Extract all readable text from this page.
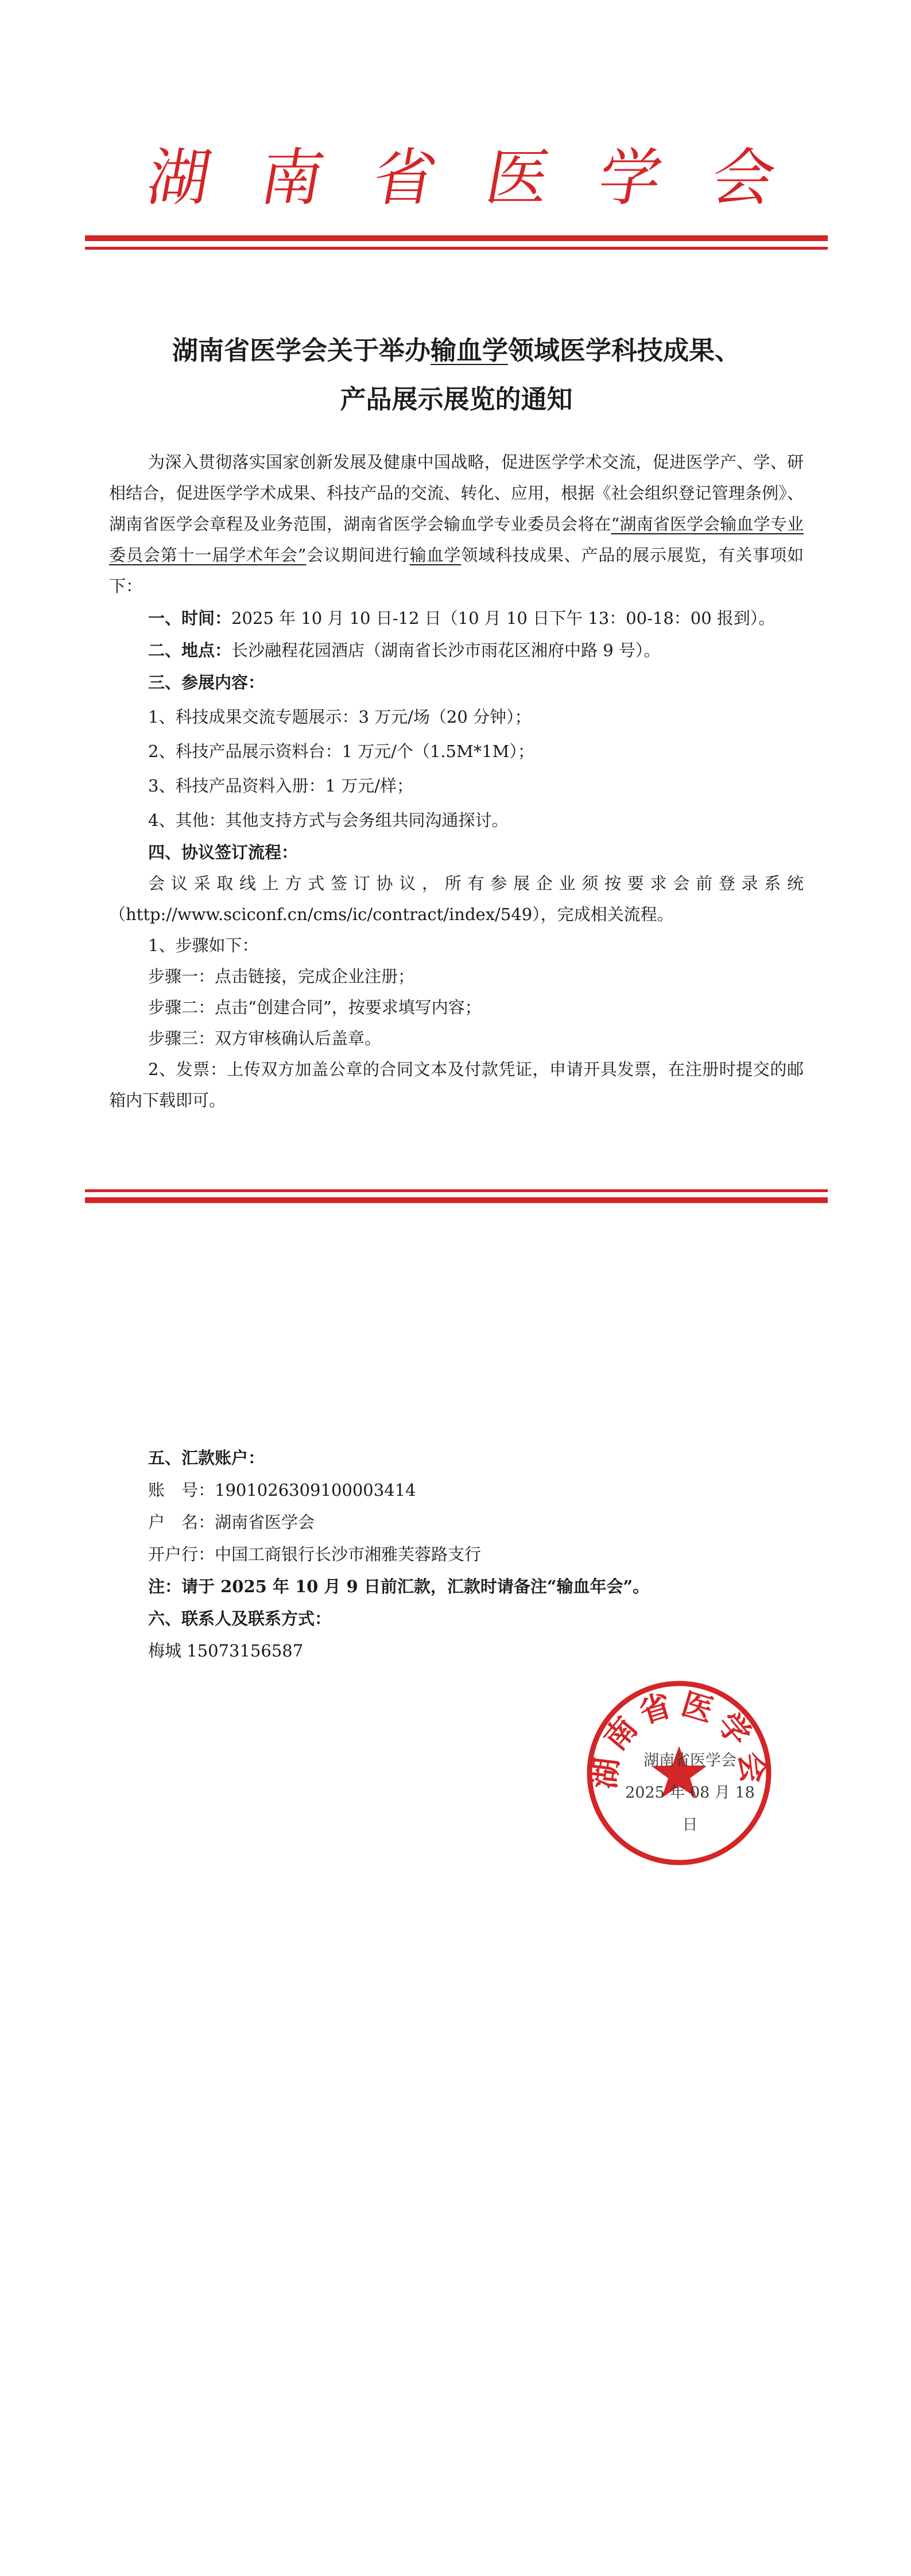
湖 南 省 医 学 会
湖南省医学会关于举办输血学领域医学科技成果、
产品展示展览的通知

为深入贯彻落实国家创新发展及健康中国战略，促进医学学术交流，促进医学产、学、研相结合，促进医学学术成果、科技产品的交流、转化、应用，根据《社会组织登记管理条例》、湖南省医学会章程及业务范围，湖南省医学会输血学专业委员会将在“湖南省医学会输血学专业委员会第十一届学术年会”会议期间进行输血学领域科技成果、产品的展示展览，有关事项如下：

一、时间：2025 年 10 月 10 日-12 日（10 月 10 日下午 13：00-18：00 报到）。

二、地点：长沙融程花园酒店（湖南省长沙市雨花区湘府中路 9 号）。

三、参展内容：

1、科技成果交流专题展示：3 万元/场（20 分钟）；

2、科技产品展示资料台：1 万元/个（1.5M*1M）；

3、科技产品资料入册：1 万元/样；

4、其他：其他支持方式与会务组共同沟通探讨。

四、协议签订流程：

会议采取线上方式签订协议，所有参展企业须按要求会前登录系统

（http://www.sciconf.cn/cms/ic/contract/index/549），完成相关流程。

1、步骤如下：

步骤一：点击链接，完成企业注册；

步骤二：点击“创建合同”，按要求填写内容；

步骤三：双方审核确认后盖章。

2、发票：上传双方加盖公章的合同文本及付款凭证，申请开具发票，在注册时提交的邮箱内下载即可。

五、汇款账户：

账　号：1901026309100003414

户　名：湖南省医学会

开户行：中国工商银行长沙市湘雅芙蓉路支行

注：请于 2025 年 10 月 9 日前汇款，汇款时请备注“输血年会”。

六、联系人及联系方式：

梅城 15073156587

湖南省医学会
湖南省医学会
2025 年 08 月 18 日
